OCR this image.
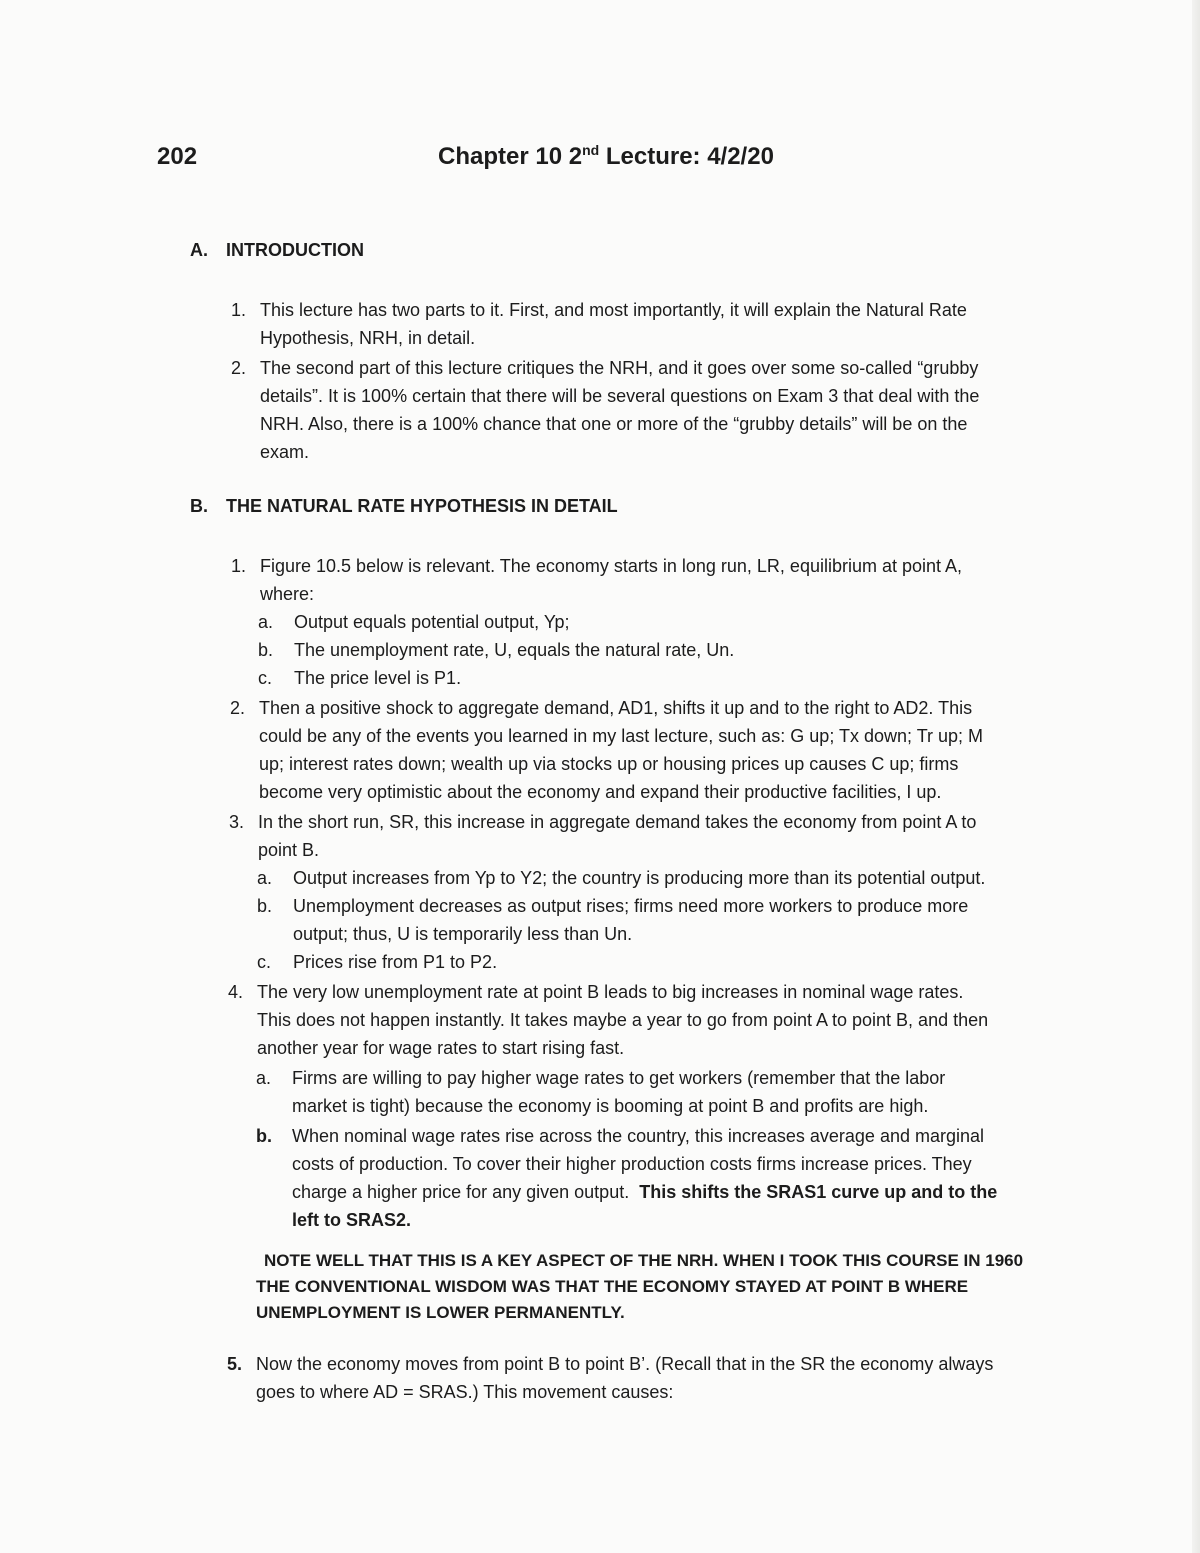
202	Chapter 10 2nd Lecture: 4/2/20
A. INTRODUCTION
1. This lecture has two parts to it. First, and most importantly, it will explain the Natural Rate
Hypothesis, NRH, in detail.
2. The second part of this lecture critiques the NRH, and it goes over some so-called “grubby
details”. It is 100% certain that there will be several questions on Exam 3 that deal with the
NRH. Also, there is a 100% chance that one or more of the “grubby details” will be on the
exam.
B. THE NATURAL RATE HYPOTHESIS IN DETAIL
1. Figure 10.5 below is relevant. The economy starts in long run, LR, equilibrium at point A,
where:
a. Output equals potential output, Yp;
b. The unemployment rate, U, equals the natural rate, Un.
c.	The price level is P1.
2. Then a positive shock to aggregate demand, AD1, shifts it up and to the right to AD2. This
could be any of the events you learned in my last lecture, such as: G up; Tx down; Tr up; M
up; interest rates down; wealth up via stocks up or housing prices up causes C up; firms
become very optimistic about the economy and expand their productive facilities, I up.
3. In the short run, SR, this increase in aggregate demand takes the economy from point A to
point B.
a. Output increases from Yp to Y2; the country is producing more than its potential output.
b. Unemployment decreases as output rises; firms need more workers to produce more
output; thus, U is temporarily less than Un.
c.	Prices rise from P1 to P2.
4. The very low unemployment rate at point B leads to big increases in nominal wage rates.
This does not happen instantly. It takes maybe a year to go from point A to point B, and then
another year for wage rates to start rising fast.
a. Firms are willing to pay higher wage rates to get workers (remember that the labor
market is tight) because the economy is booming at point B and profits are high.
b. When nominal wage rates rise across the country, this increases average and marginal
costs of production. To cover their higher production costs firms increase prices. They
charge a higher price for any given output. This shifts the SRAS1 curve up and to the
left to SRAS2.
NOTE WELL THAT THIS IS A KEY ASPECT OF THE NRH. WHEN I TOOK THIS COURSE IN 1960
THE CONVENTIONAL WISDOM WAS THAT THE ECONOMY STAYED AT POINT B WHERE
UNEMPLOYMENT IS LOWER PERMANENTLY.
5. Now the economy moves from point B to point B’. (Recall that in the SR the economy always
goes to where AD = SRAS.) This movement causes:
